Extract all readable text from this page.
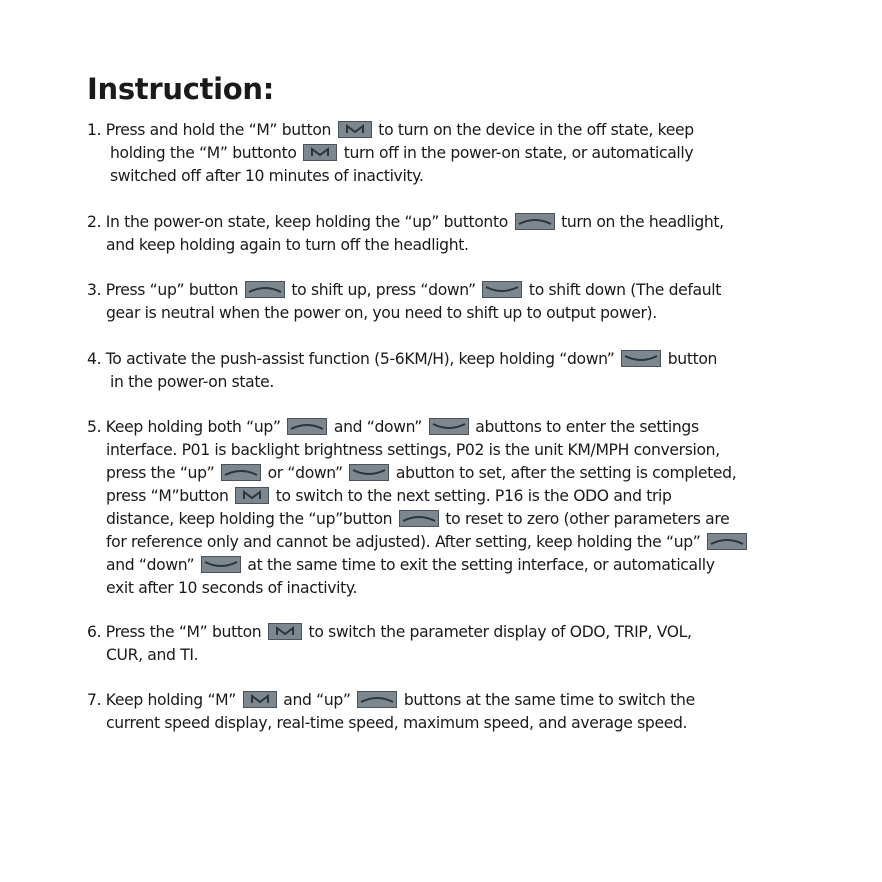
Instruction:
1. Press and hold the “M” button
to turn on the device in the off state, keep
holding the “M” buttonto
turn off in the power-on state, or automatically
switched off after 10 minutes of inactivity.
2. In the power-on state, keep holding the “up” buttonto	turn on the headlight,
and keep holding again to turn off the headlight.
3. Press “up” button	to shift up, press “down”	to shift down (The default
gear is neutral when the power on, you need to shift up to output power).
4. To activate the push-assist function (5-6KM/H), keep holding “down”	button
in the power-on state.
5. Keep holding both “up”	and “down”	abuttons to enter the settings
interface. P01 is backlight brightness settings, P02 is the unit KM/MPH conversion,
press the “up”	or “down”	abutton to set, after the setting is completed,
press “M”button
to switch to the next setting. P16 is the ODO and trip
distance, keep holding the “up”button	to reset to zero (other parameters are
for reference only and cannot be adjusted). After setting, keep holding the “up”
and “down”	at the same time to exit the setting interface, or automatically
exit after 10 seconds of inactivity.
6. Press the “M” button
to switch the parameter display of ODO, TRIP, VOL,
CUR, and TI.
7. Keep holding “M”
and “up”	buttons at the same time to switch the
current speed display, real-time speed, maximum speed, and average speed.
